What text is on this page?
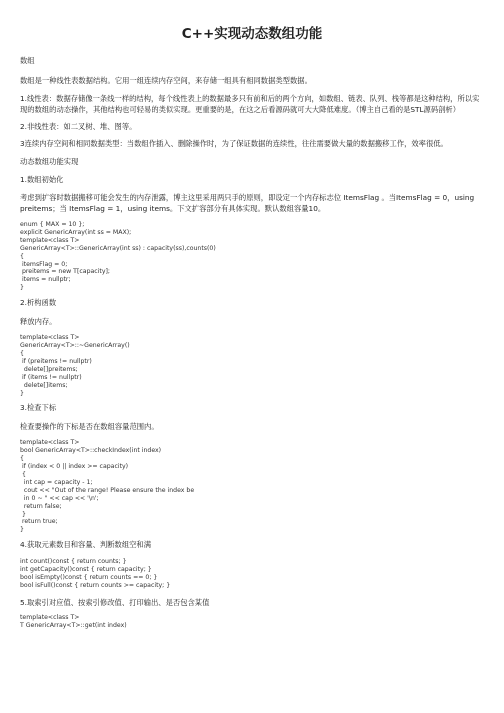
C++实现动态数组功能

数组

数组是一种线性表数据结构。它用一组连续内存空间，来存储一组具有相同数据类型数据。

1.线性表：数据存储像一条线一样的结构，每个线性表上的数据最多只有前和后的两个方向，如数组、链表、队列、栈等都是这种结构，所以实现的数组的动态操作，其他结构也可轻易的类似实现。更重要的是，在这之后看源码就可大大降低难度。（博主自己看的是STL源码剖析）

2.非线性表：如二叉树、堆、图等。

3连续内存空间和相同数据类型：当数组作插入、删除操作时，为了保证数据的连续性，往往需要做大量的数据搬移工作，效率很低。

动态数组功能实现

1.数组初始化

考虑到扩容时数据搬移可能会发生的内存泄露，博主这里采用两只手的原则，即设定一个内存标志位 ItemsFlag 。当ItemsFlag = 0，using preitems；当 ItemsFlag = 1，using items。下文扩容部分有具体实现。默认数组容量10。

enum { MAX = 10 };
explicit GenericArray(int ss = MAX);
template<class T>
GenericArray<T>::GenericArray(int ss) : capacity(ss),counts(0)
{
itemsFlag = 0;
preitems = new T[capacity];
items = nullptr;
}

2.析构函数

释放内存。

template<class T>
GenericArray<T>::~GenericArray()
{
if (preitems != nullptr)
delete[]preitems;
if (items != nullptr)
delete[]items;
}

3.检查下标

检查要操作的下标是否在数组容量范围内。

template<class T>
bool GenericArray<T>::checkIndex(int index)
{
if (index < 0 || index >= capacity)
{
int cap = capacity - 1;
cout << "Out of the range! Please ensure the index be
in 0 ~ " << cap << '\n';
return false;
}
return true;
}

4.获取元素数目和容量、判断数组空和满

int count()const { return counts; }
int getCapacity()const { return capacity; }
bool isEmpty()const { return counts == 0; }
bool isFull()const { return counts >= capacity; }

5.取索引对应值、按索引修改值、打印输出、是否包含某值

template<class T>
T GenericArray<T>::get(int index)
